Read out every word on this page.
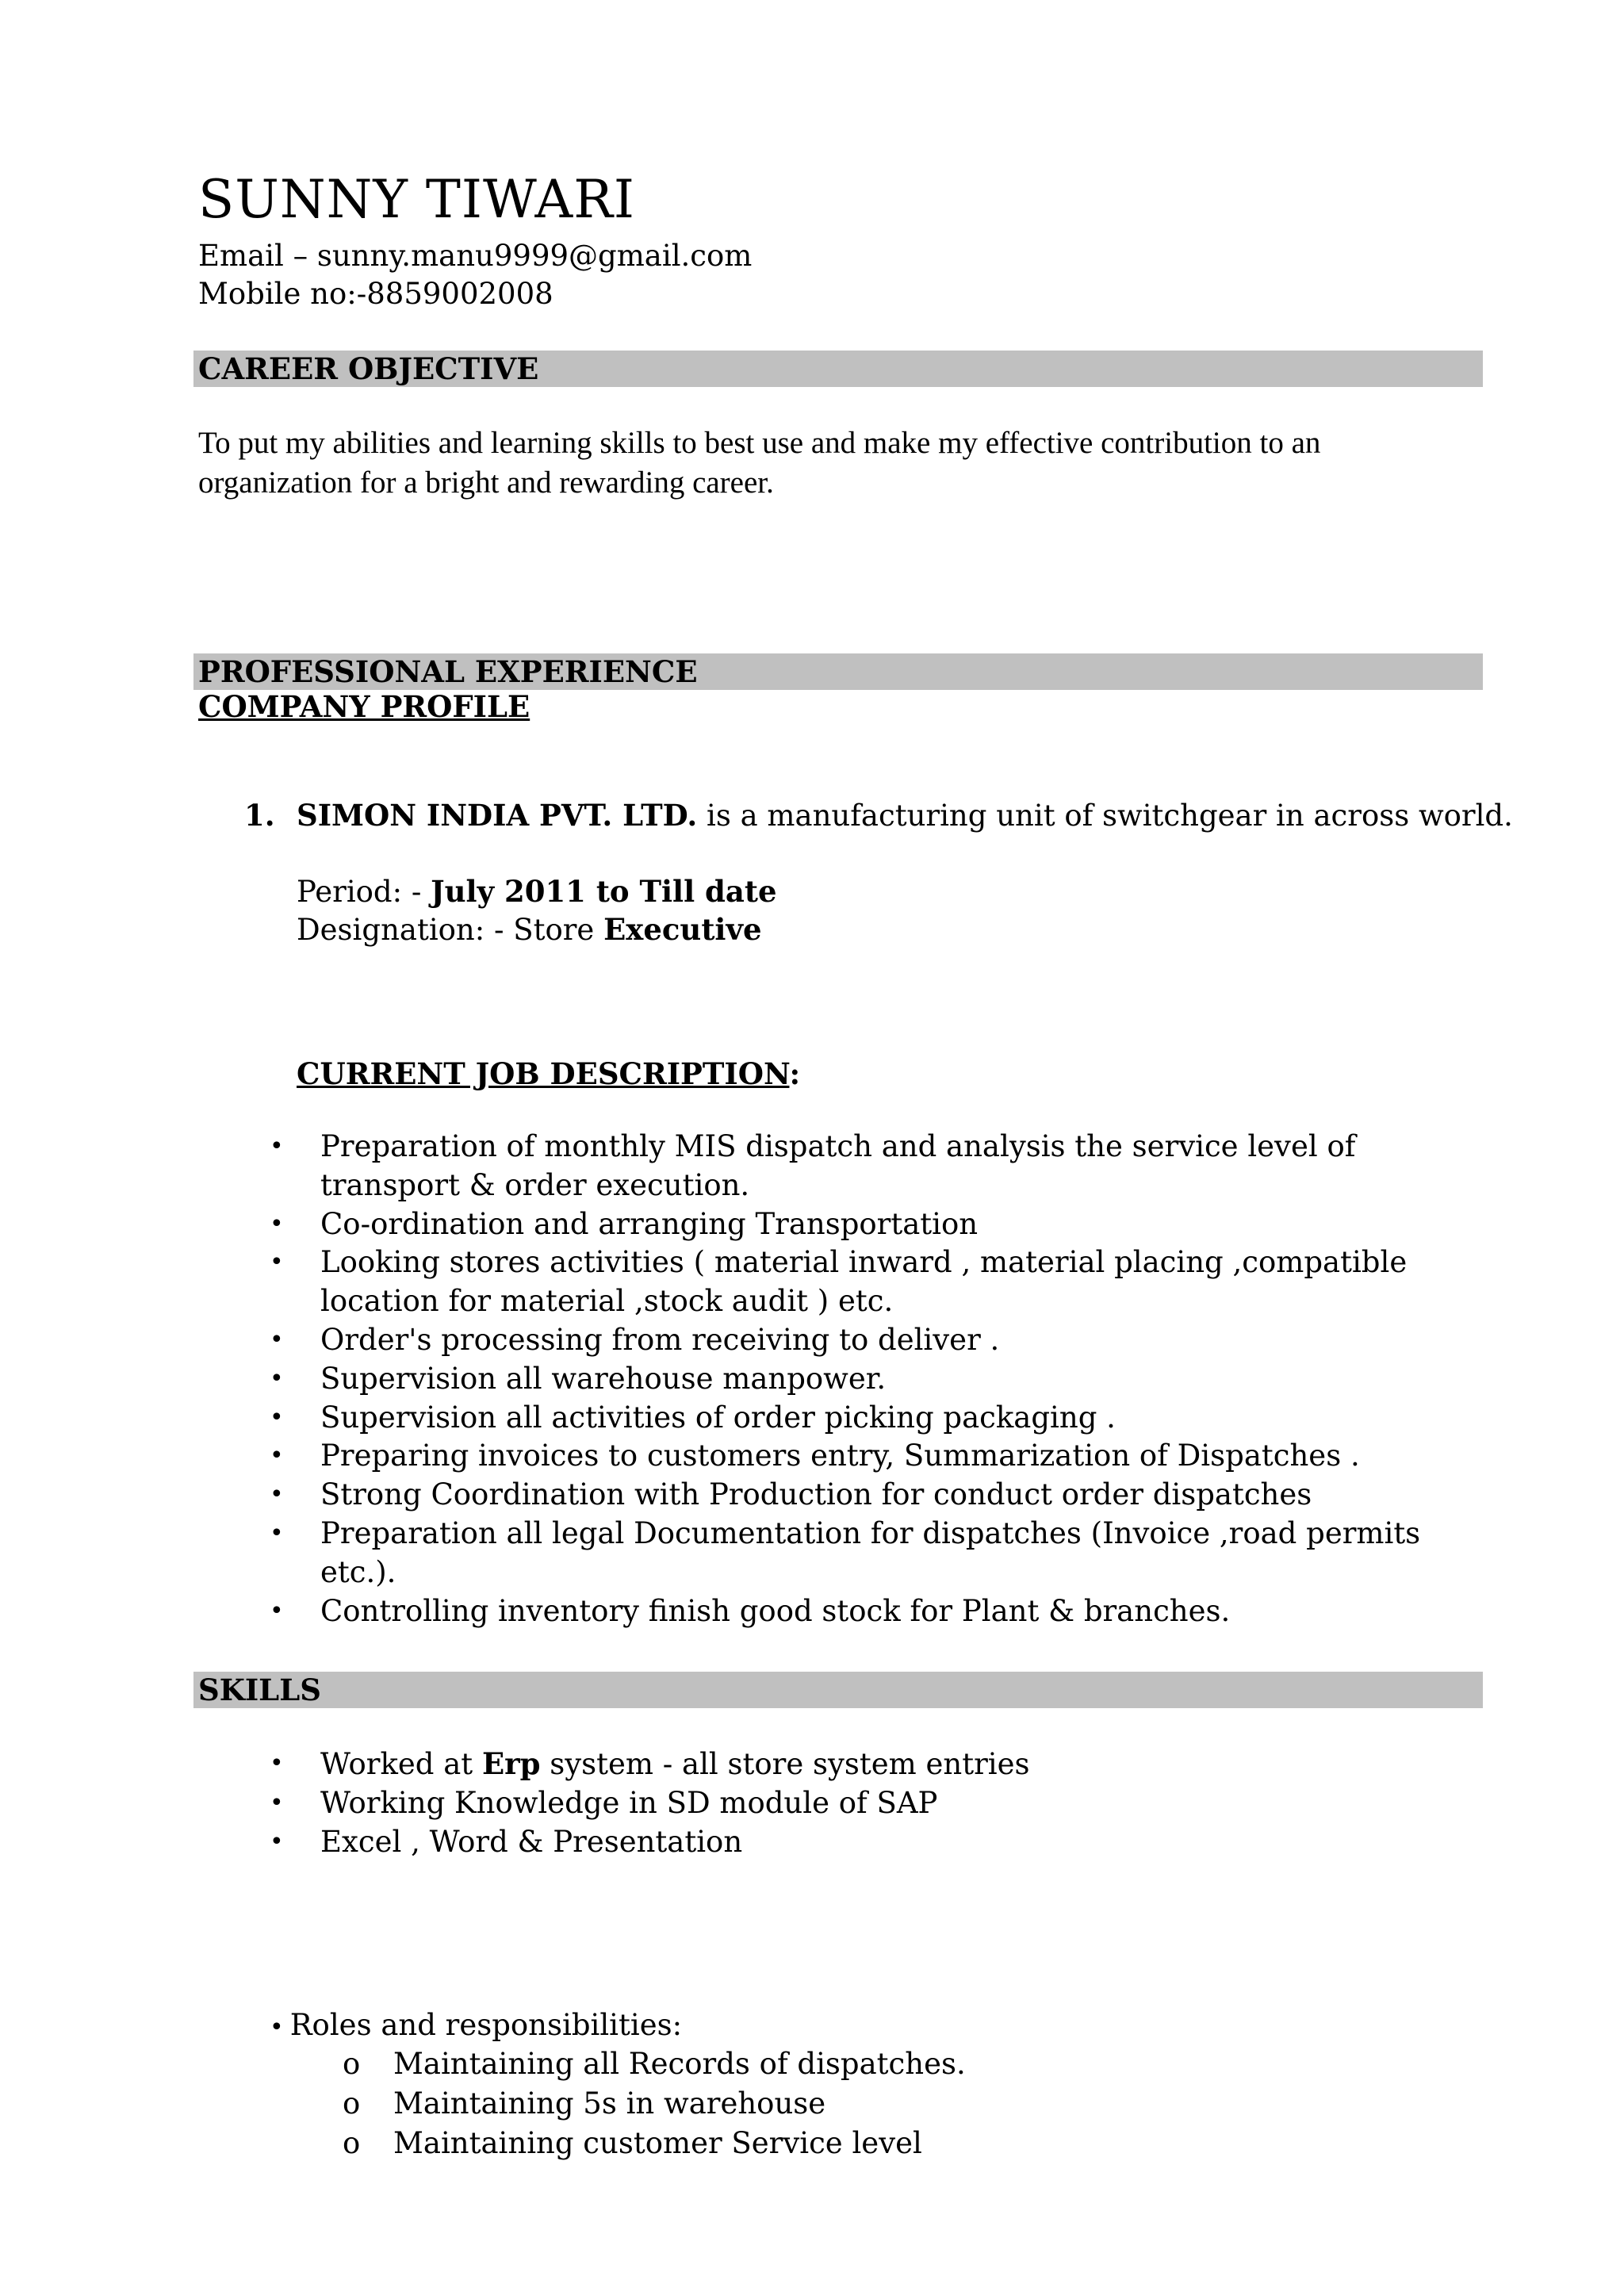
SUNNY TIWARI
Email – sunny.manu9999@gmail.com
Mobile no:-8859002008
CAREER OBJECTIVE
To put my abilities and learning skills to best use and make my effective contribution to an
organization for a bright and rewarding career.
PROFESSIONAL EXPERIENCE
COMPANY PROFILE
1. SIMON INDIA PVT. LTD. is a manufacturing unit of switchgear in across world.
Period: - July 2011 to Till date
Designation: - Store Executive
CURRENT JOB DESCRIPTION:
• Preparation of monthly MIS dispatch and analysis the service level of transport & order execution.
• Co-ordination and arranging Transportation
• Looking stores activities ( material inward , material placing ,compatible location for material ,stock audit ) etc.
• Order's processing from receiving to deliver .
• Supervision all warehouse manpower.
• Supervision all activities of order picking packaging .
• Preparing invoices to customers entry, Summarization of Dispatches .
• Strong Coordination with Production for conduct order dispatches
• Preparation all legal Documentation for dispatches (Invoice ,road permits etc.).
• Controlling inventory finish good stock for Plant & branches.
SKILLS
• Worked at Erp system - all store system entries
• Working Knowledge in SD module of SAP
• Excel , Word & Presentation
• Roles and responsibilities:
o Maintaining all Records of dispatches.
o Maintaining 5s in warehouse
o Maintaining customer Service level
